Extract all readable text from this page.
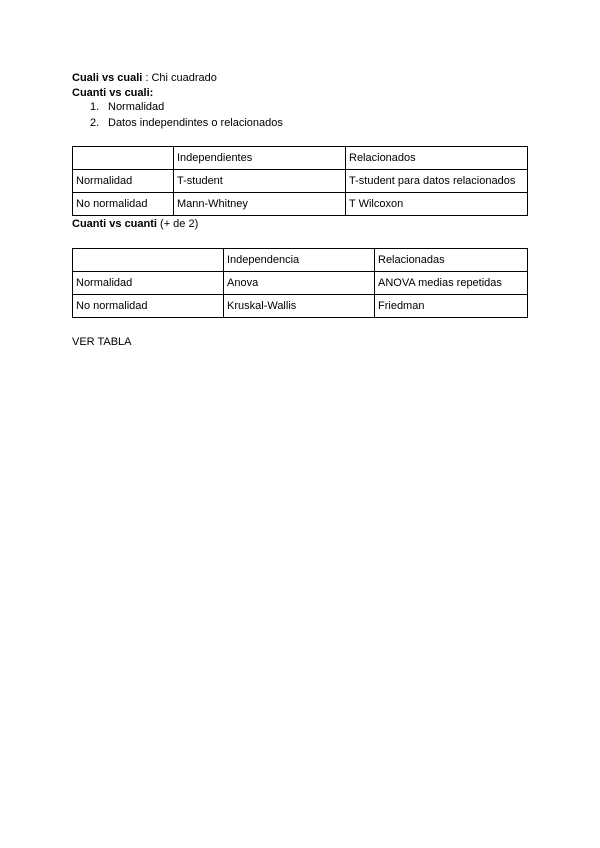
Cuali vs cuali : Chi cuadrado
Cuanti vs cuali:
1. Normalidad
2. Datos independintes o relacionados
	Independientes	Relacionados
Normalidad	T-student	T-student para datos relacionados
No normalidad	Mann-Whitney	T Wilcoxon
Cuanti vs cuanti (+ de 2)
	Independencia	Relacionadas
Normalidad	Anova	ANOVA medias repetidas
No normalidad	Kruskal-Wallis	Friedman
VER TABLA
